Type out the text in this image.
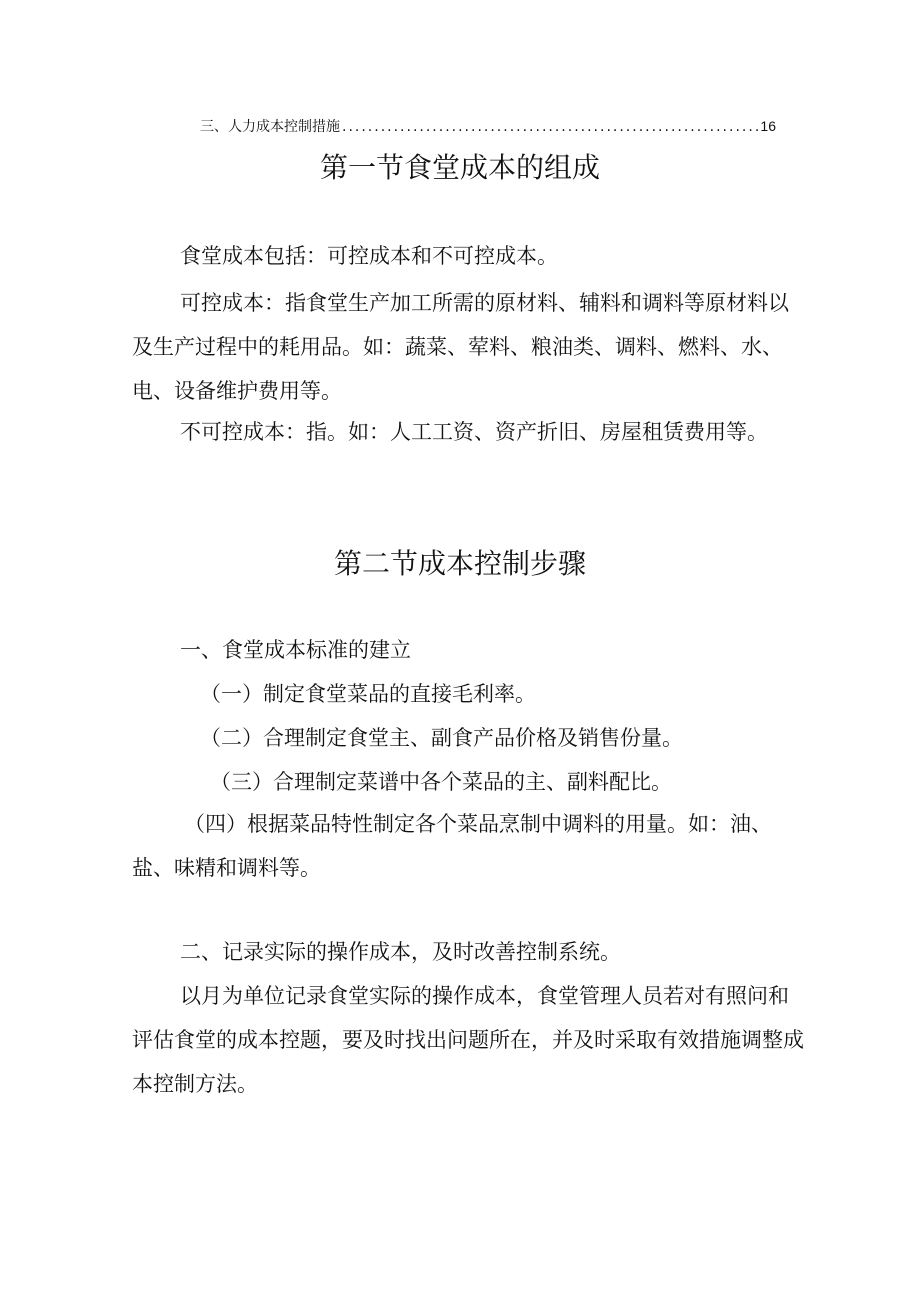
三、人力成本控制措施
.....	16
第一节食堂成本的组成

食堂成本包括：可控成本和不可控成本。

可控成本：指食堂生产加工所需的原材料、辅料和调料等原材料以及生产过程中的耗用品。如：蔬菜、荤料、粮油类、调料、燃料、水、电、设备维护费用等。

不可控成本：指。如：人工工资、资产折旧、房屋租赁费用等。

第二节成本控制步骤

一、食堂成本标准的建立

（一）制定食堂菜品的直接毛利率。

（二）合理制定食堂主、副食产品价格及销售份量。

（三）合理制定菜谱中各个菜品的主、副料配比。

（四）根据菜品特性制定各个菜品烹制中调料的用量。如：油、盐、味精和调料等。

二、记录实际的操作成本，及时改善控制系统。

以月为单位记录食堂实际的操作成本，食堂管理人员若对有照问和评估食堂的成本控题，要及时找出问题所在，并及时采取有效措施调整成本控制方法。
